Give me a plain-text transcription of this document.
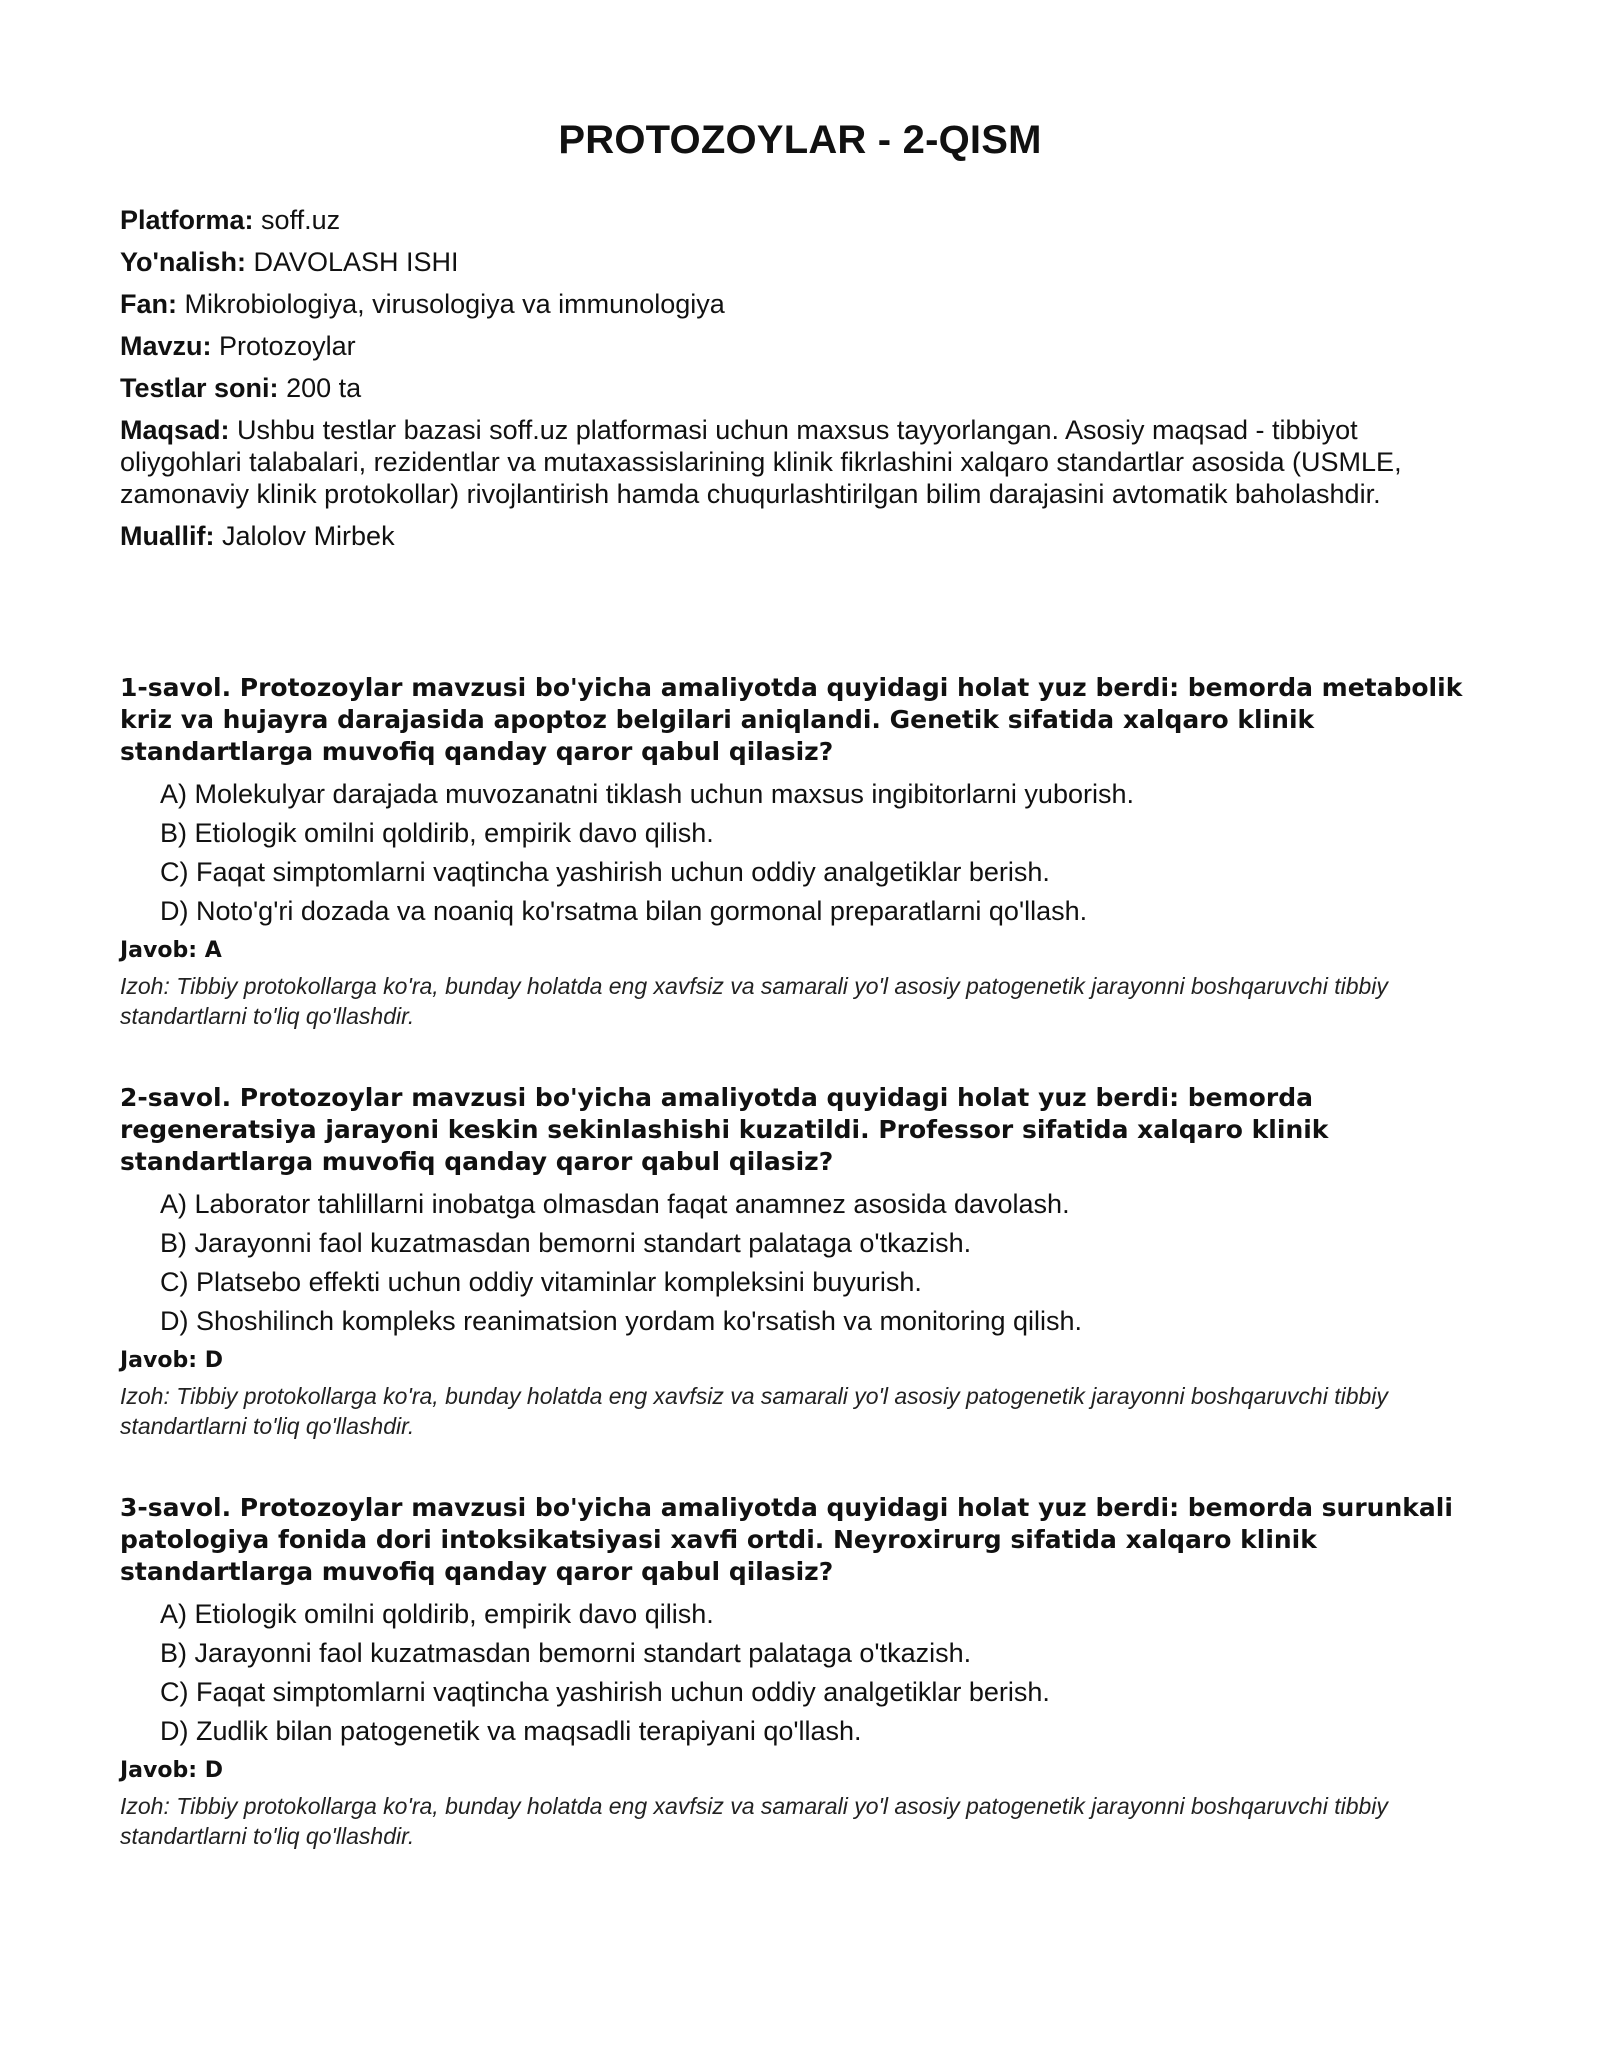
PROTOZOYLAR - 2-QISM

Platforma: soff.uz

Yo'nalish: DAVOLASH ISHI

Fan: Mikrobiologiya, virusologiya va immunologiya

Mavzu: Protozoylar

Testlar soni: 200 ta

Maqsad: Ushbu testlar bazasi soff.uz platformasi uchun maxsus tayyorlangan. Asosiy maqsad - tibbiyot oliygohlari talabalari, rezidentlar va mutaxassislarining klinik fikrlashini xalqaro standartlar asosida (USMLE, zamonaviy klinik protokollar) rivojlantirish hamda chuqurlashtirilgan bilim darajasini avtomatik baholashdir.

Muallif: Jalolov Mirbek

1-savol. Protozoylar mavzusi bo'yicha amaliyotda quyidagi holat yuz berdi: bemorda metabolik kriz va hujayra darajasida apoptoz belgilari aniqlandi. Genetik sifatida xalqaro klinik standartlarga muvofiq qanday qaror qabul qilasiz?

A) Molekulyar darajada muvozanatni tiklash uchun maxsus ingibitorlarni yuborish.
B) Etiologik omilni qoldirib, empirik davo qilish.
C) Faqat simptomlarni vaqtincha yashirish uchun oddiy analgetiklar berish.
D) Noto'g'ri dozada va noaniq ko'rsatma bilan gormonal preparatlarni qo'llash.

Javob: A

Izoh: Tibbiy protokollarga ko'ra, bunday holatda eng xavfsiz va samarali yo'l asosiy patogenetik jarayonni boshqaruvchi tibbiy standartlarni to'liq qo'llashdir.

2-savol. Protozoylar mavzusi bo'yicha amaliyotda quyidagi holat yuz berdi: bemorda regeneratsiya jarayoni keskin sekinlashishi kuzatildi. Professor sifatida xalqaro klinik standartlarga muvofiq qanday qaror qabul qilasiz?

A) Laborator tahlillarni inobatga olmasdan faqat anamnez asosida davolash.
B) Jarayonni faol kuzatmasdan bemorni standart palataga o'tkazish.
C) Platsebo effekti uchun oddiy vitaminlar kompleksini buyurish.
D) Shoshilinch kompleks reanimatsion yordam ko'rsatish va monitoring qilish.

Javob: D

Izoh: Tibbiy protokollarga ko'ra, bunday holatda eng xavfsiz va samarali yo'l asosiy patogenetik jarayonni boshqaruvchi tibbiy standartlarni to'liq qo'llashdir.

3-savol. Protozoylar mavzusi bo'yicha amaliyotda quyidagi holat yuz berdi: bemorda surunkali patologiya fonida dori intoksikatsiyasi xavfi ortdi. Neyroxirurg sifatida xalqaro klinik standartlarga muvofiq qanday qaror qabul qilasiz?

A) Etiologik omilni qoldirib, empirik davo qilish.
B) Jarayonni faol kuzatmasdan bemorni standart palataga o'tkazish.
C) Faqat simptomlarni vaqtincha yashirish uchun oddiy analgetiklar berish.
D) Zudlik bilan patogenetik va maqsadli terapiyani qo'llash.

Javob: D

Izoh: Tibbiy protokollarga ko'ra, bunday holatda eng xavfsiz va samarali yo'l asosiy patogenetik jarayonni boshqaruvchi tibbiy standartlarni to'liq qo'llashdir.
